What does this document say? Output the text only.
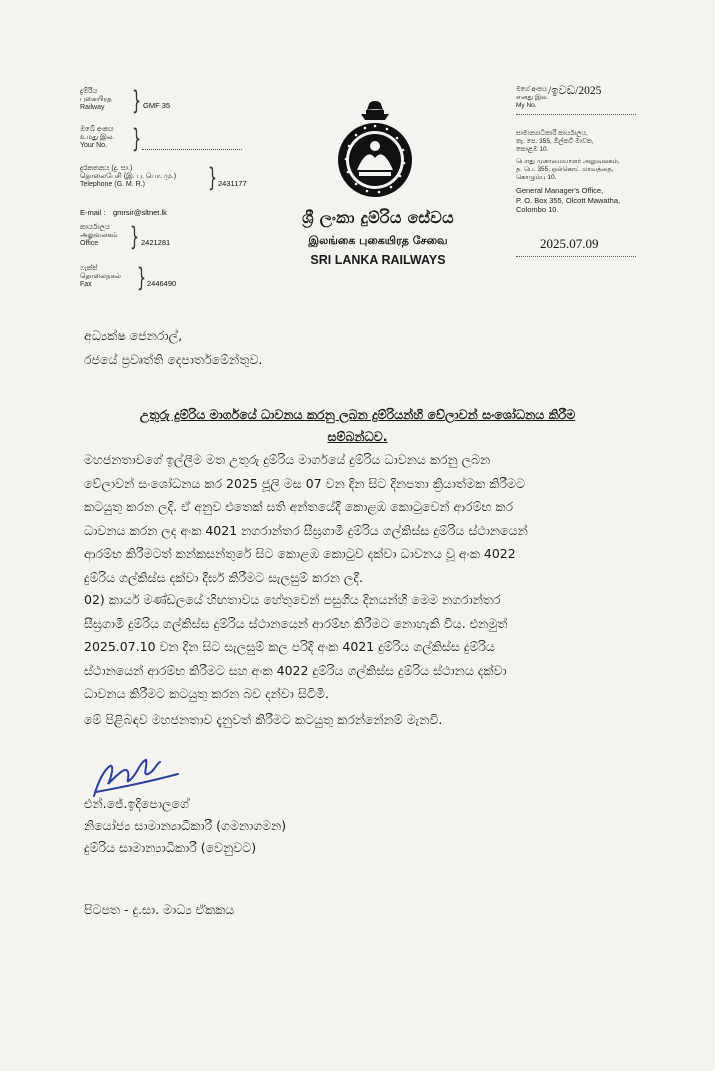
දුම්රිය
புகையிரத
Railway } GMF 35
ඔබේ අංකය
உமது இல.
Your No. }
දුරකතනය (දු. සා.)
தொலைபேசி (இ. பு. பொ. மு.)
Telephone (G. M. R.)	} 2431177
E-mail : gmrsir@sltnet.lk
කාර්යාලය
அலுவலகம்
Office	} 2421281
ෆැක්ස්
தொலைநகல்
Fax	} 2446490
ශ්‍රී ලංකා දුම්රිය සේවය
இலங்கை புகையிரத சேவை
SRI LANKA RAILWAYS
මගේ අංකය
எனது இல.
My No.
/ඉවඩ/2025
සාමාන්‍යාධිකාරී කාර්යාලය,
තැ. පෙ. 355, ඕල්කට් මාවත,
කොළඹ 10.
பொது முகாமையாளர் அலுவலகம்,
த. பெ. 355, ஒல்கொட் மாவத்தை,
கொழும்பு 10.
General Manager's Office,
P. O. Box 355, Olcott Mawatha,
Colombo 10.
2025.07.09
අධ්‍යක්ෂ ජෙනරාල්,
රජයේ ප්‍රවෘත්ති දෙපාර්තමේන්තුව.
උතුරු දුම්රිය මාර්ගයේ ධාවනය කරනු ලබන දුම්රියන්හි වේලාවන් සංශෝධනය කිරීම
සම්බන්ධව.
මහජනතාවගේ ඉල්ලීම මත උතුරු දුම්රිය මාර්ගයේ දුම්රිය ධාවනය කරනු ලබන
වේලාවන් සංශෝධනය කර 2025 ජූලි මස 07 වන දින සිට දිනපතා ක්‍රියාත්මක කිරීමට
කටයුතු කරන ලදි. ඒ අනුව එතෙක් සති අන්තයේදී කොළඹ කොටුවෙන් ආරම්භ කර
ධාවනය කරන ලද අංක 4021 නගරාන්තර සීඝ්‍රගාමී දුම්රිය ගල්කිස්ස දුම්රිය ස්ථානයෙන්
ආරම්භ කිරීමටත් කන්කසන්තුරේ සිට කොළඹ කොටුව දක්වා ධාවනය වූ අංක 4022
දුම්රිය ගල්කිස්ස දක්වා දීර්ඝ කිරීමට සැලසුම් කරන ලදී.
02) කාර්ය මණ්ඩලයේ හිඟතාවය හේතුවෙන් පසුගිය දිනයන්හි මෙම නගරාන්තර
සීඝ්‍රගාමී දුම්රිය ගල්කිස්ස දුම්රිය ස්ථානයෙන් ආරම්භ කිරීමට නොහැකි විය. එනමුත්
2025.07.10 වන දින සිට සැලසුම් කල පරිදි අංක 4021 දුම්රිය ගල්කිස්ස දුම්රිය
ස්ථානයෙන් ආරම්භ කිරීමට සහ අංක 4022 දුම්රිය ගල්කිස්ස දුම්රිය ස්ථානය දක්වා
ධාවනය කිරීමට කටයුතු කරන බව දන්වා සිටිමි.
මේ පිළිබඳව මහජනතාව දැනුවත් කිරීමට කටයුතු කරන්නේනම් මැනවි.
එන්.ජේ.ඉදිපොලගේ
නියෝජ්‍ය සාමාන්‍යාධිකාරී (ගමනාගමන)
දුම්රිය සාමාන්‍යාධිකාරී (වෙනුවට)
පිටපත - දු.සා. මාධ්‍ය ඒකකය
